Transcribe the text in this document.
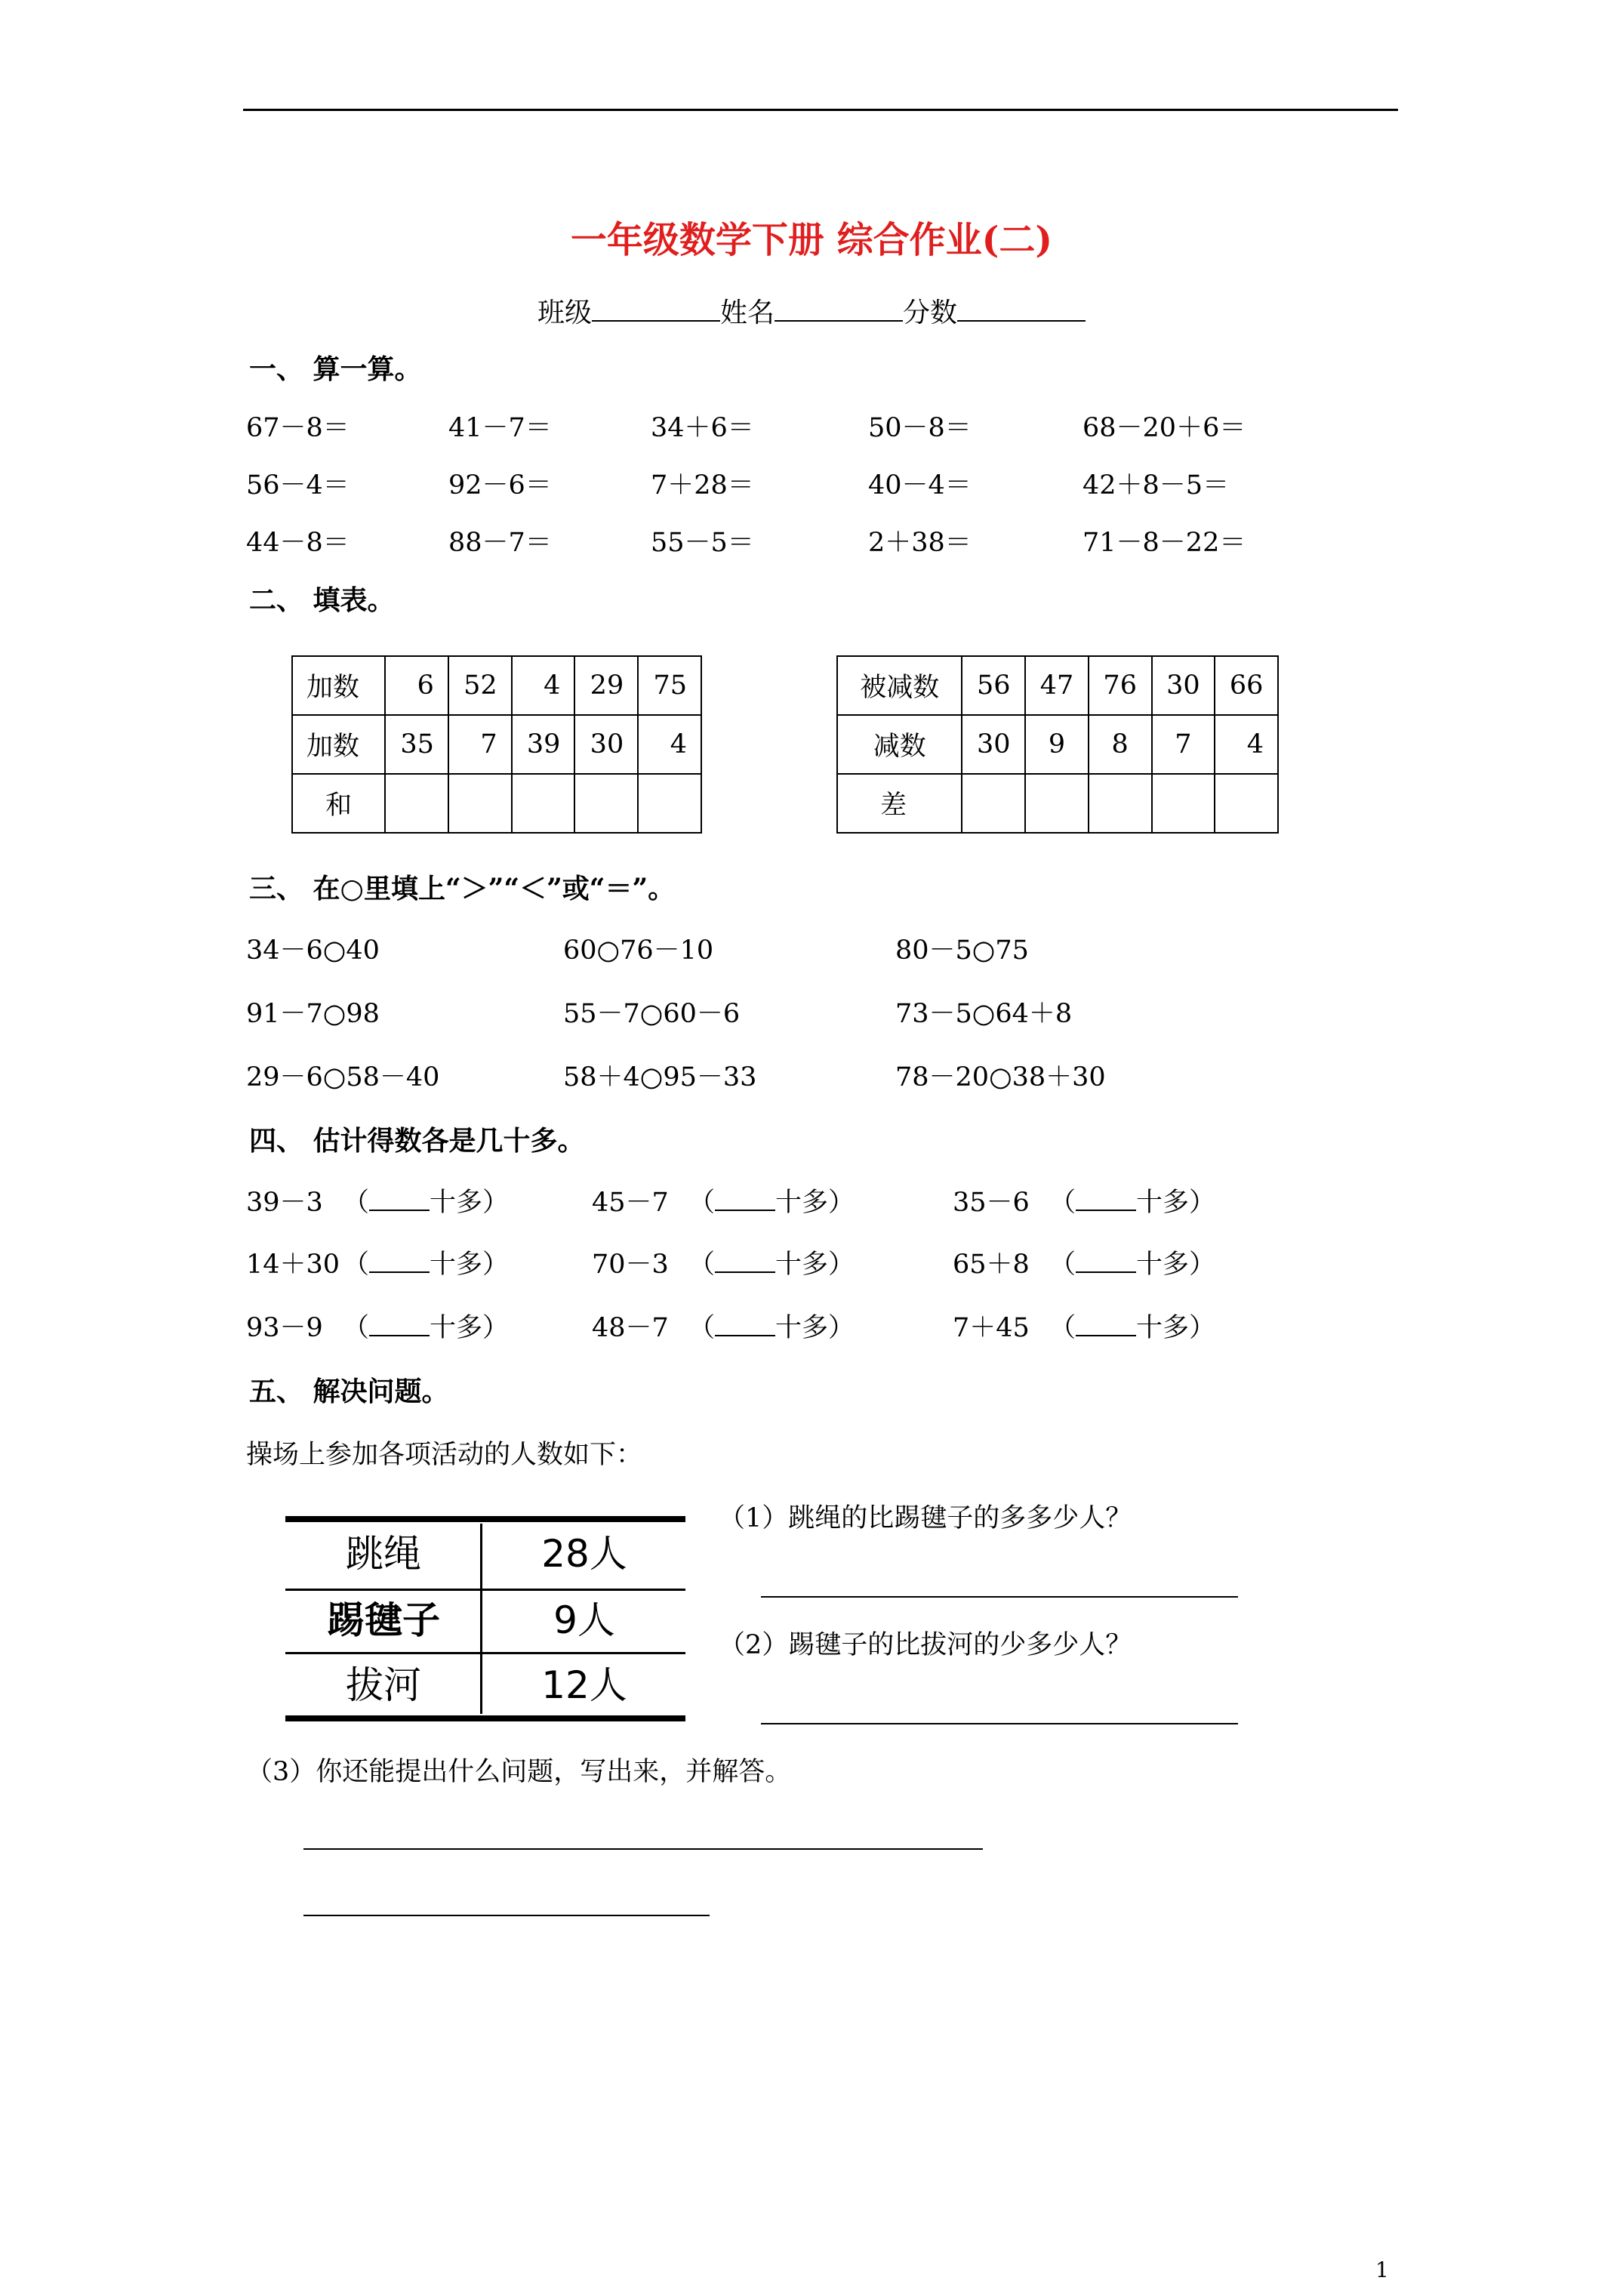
一年级数学下册 综合作业(二)
班级	姓名	分数
一、 算一算。
67－8＝	41－7＝	34＋6＝	50－8＝	68－20＋6＝
56－4＝	92－6＝	7＋28＝	40－4＝	42＋8－5＝
44－8＝	88－7＝	55－5＝	2＋38＝	71－8－22＝
二、 填表。
加数	6	52	4	29	75
加数	35	7	39	30	4
和					
被减数	56	47	76	30	66
减数	30	9	8	7	4
差					
三、 在○里填上“＞”“＜”或“＝”。
34－6○40	60○76－10	80－5○75
91－7○98	55－7○60－6	73－5○64＋8
29－6○58－40	58＋4○95－33	78－20○38＋30
四、 估计得数各是几十多。
39－3 （ 十多）	45－7 （ 十多）	35－6 （ 十多）
14＋30 （ 十多）	70－3 （ 十多）	65＋8 （ 十多）
93－9 （ 十多）	48－7 （ 十多）	7＋45 （ 十多）
五、 解决问题。
操场上参加各项活动的人数如下：
跳绳	28人
踢毽子	9人
拔河	12人
（1）跳绳的比踢毽子的多多少人？
（2）踢毽子的比拔河的少多少人？
（3）你还能提出什么问题，写出来，并解答。
1
